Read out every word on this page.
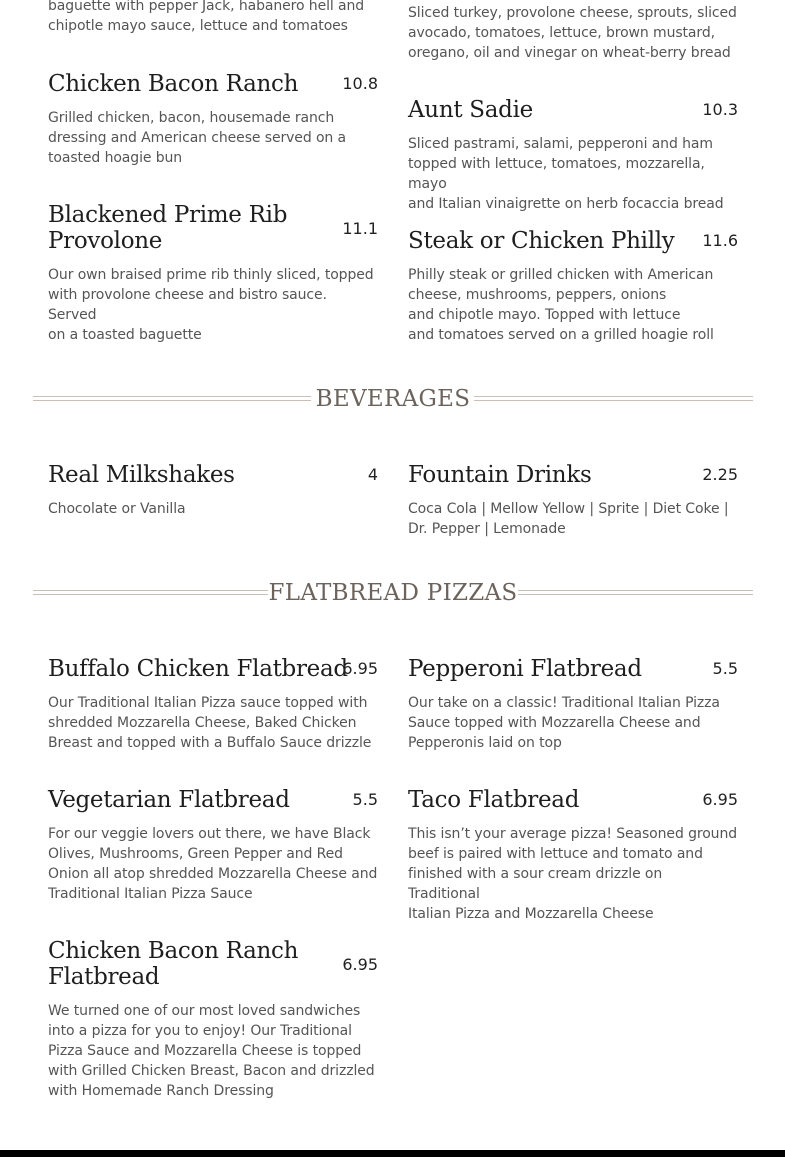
baguette with pepper Jack, habanero hell and
chipotle mayo sauce, lettuce and tomatoes
Sliced turkey, provolone cheese, sprouts, sliced
avocado, tomatoes, lettuce, brown mustard,
oregano, oil and vinegar on wheat-berry bread
Chicken Bacon Ranch	10.8
Grilled chicken, bacon, housemade ranch
dressing and American cheese served on a
toasted hoagie bun
Aunt Sadie	10.3
Sliced pastrami, salami, pepperoni and ham
topped with lettuce, tomatoes, mozzarella, mayo
and Italian vinaigrette on herb focaccia bread
Blackened Prime Rib
Provolone	11.1
Our own braised prime rib thinly sliced, topped
with provolone cheese and bistro sauce. Served
on a toasted baguette
Steak or Chicken Philly	11.6
Philly steak or grilled chicken with American
cheese, mushrooms, peppers, onions
and chipotle mayo. Topped with lettuce
and tomatoes served on a grilled hoagie roll
BEVERAGES
Real Milkshakes	4
Chocolate or Vanilla
Fountain Drinks	2.25
Coca Cola | Mellow Yellow | Sprite | Diet Coke |
Dr. Pepper | Lemonade
FLATBREAD PIZZAS
Buffalo Chicken Flatbread
6.95
Our Traditional Italian Pizza sauce topped with
shredded Mozzarella Cheese, Baked Chicken
Breast and topped with a Buffalo Sauce drizzle
Pepperoni Flatbread	5.5
Our take on a classic! Traditional Italian Pizza
Sauce topped with Mozzarella Cheese and
Pepperonis laid on top
Vegetarian Flatbread	5.5
For our veggie lovers out there, we have Black
Olives, Mushrooms, Green Pepper and Red
Onion all atop shredded Mozzarella Cheese and
Traditional Italian Pizza Sauce
Taco Flatbread	6.95
This isn’t your average pizza! Seasoned ground
beef is paired with lettuce and tomato and
finished with a sour cream drizzle on Traditional
Italian Pizza and Mozzarella Cheese
Chicken Bacon Ranch
Flatbread	6.95
We turned one of our most loved sandwiches
into a pizza for you to enjoy! Our Traditional
Pizza Sauce and Mozzarella Cheese is topped
with Grilled Chicken Breast, Bacon and drizzled
with Homemade Ranch Dressing
